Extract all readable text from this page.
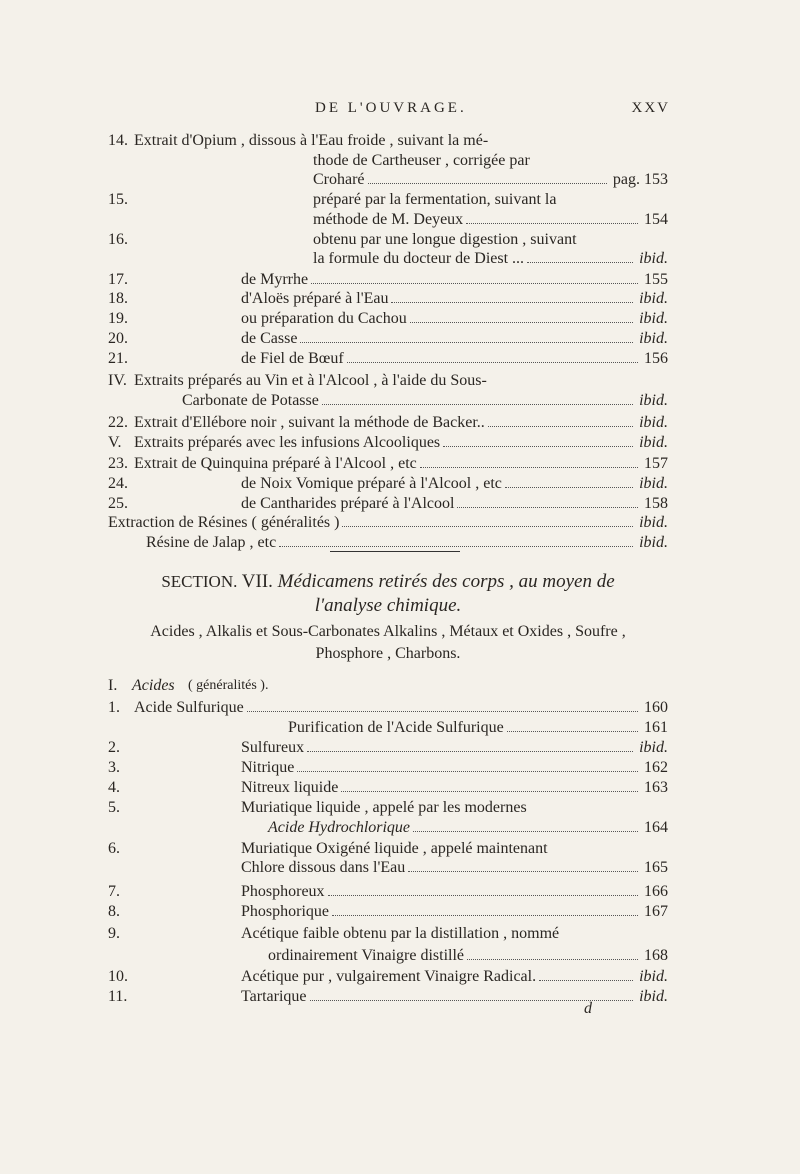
DE L'OUVRAGE.	XXV
14. Extrait d'Opium , dissous à l'Eau froide , suivant la mé-
thode de Cartheuser , corrigée par
Croharé	pag. 153
15.	préparé par la fermentation, suivant la
méthode de M. Deyeux	154
16.	obtenu par une longue digestion , suivant
la formule du docteur de Diest ...	ibid.
17.	de Myrrhe	155
18.	d'Aloës préparé à l'Eau	ibid.
19.	ou préparation du Cachou	ibid.
20.	de Casse	ibid.
21.	de Fiel de Bœuf	156
IV. Extraits préparés au Vin et à l'Alcool , à l'aide du Sous-
Carbonate de Potasse	ibid.
22. Extrait d'Ellébore noir , suivant la méthode de Backer..	ibid.
V. Extraits préparés avec les infusions Alcooliques	ibid.
23. Extrait de Quinquina préparé à l'Alcool , etc	157
24.	de Noix Vomique préparé à l'Alcool , etc	ibid.
25.	de Cantharides préparé à l'Alcool	158
Extraction de Résines ( généralités )	ibid.
Résine de Jalap , etc	ibid.
SECTION. VII. Médicamens retirés des corps , au moyen de
l'analyse chimique.
Acides , Alkalis et Sous-Carbonates Alkalins , Métaux et Oxides , Soufre ,
Phosphore , Charbons.
I. Acides ( généralités ).
1. Acide Sulfurique	160
Purification de l'Acide Sulfurique	161
2.	Sulfureux	ibid.
3.	Nitrique	162
4.	Nitreux liquide	163
5.	Muriatique liquide , appelé par les modernes
Acide Hydrochlorique	164
6.	Muriatique Oxigéné liquide , appelé maintenant
Chlore dissous dans l'Eau	165
7.	Phosphoreux	166
8.	Phosphorique	167
9.	Acétique faible obtenu par la distillation , nommé
ordinairement Vinaigre distillé	168
10.	Acétique pur , vulgairement Vinaigre Radical.	ibid.
11.	Tartarique	ibid.
d
